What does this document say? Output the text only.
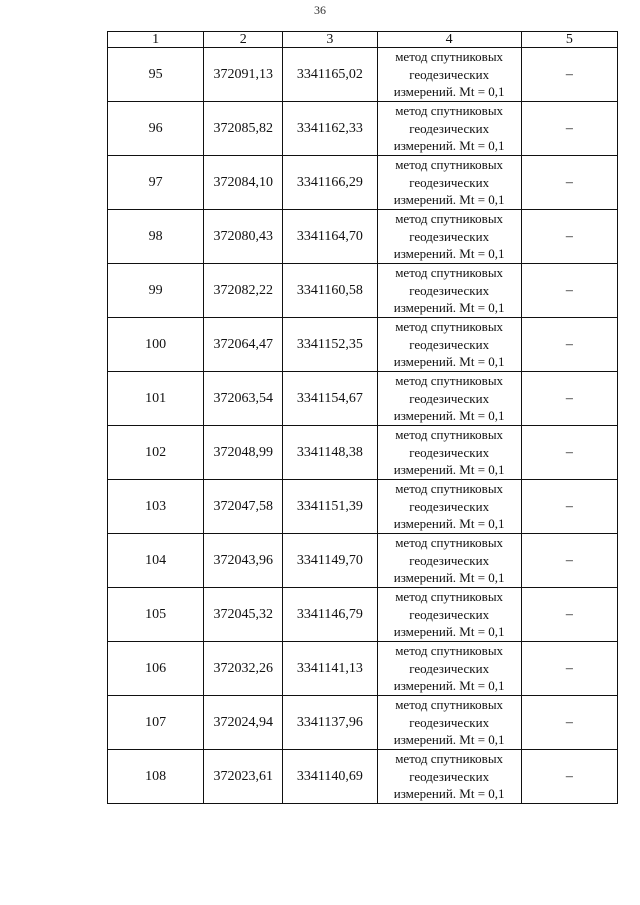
36
1	2	3	4	5
95	372091,13	3341165,02	метод спутниковых
геодезических
измерений. Mt = 0,1	–
96	372085,82	3341162,33	метод спутниковых
геодезических
измерений. Mt = 0,1	–
97	372084,10	3341166,29	метод спутниковых
геодезических
измерений. Mt = 0,1	–
98	372080,43	3341164,70	метод спутниковых
геодезических
измерений. Mt = 0,1	–
99	372082,22	3341160,58	метод спутниковых
геодезических
измерений. Mt = 0,1	–
100	372064,47	3341152,35	метод спутниковых
геодезических
измерений. Mt = 0,1	–
101	372063,54	3341154,67	метод спутниковых
геодезических
измерений. Mt = 0,1	–
102	372048,99	3341148,38	метод спутниковых
геодезических
измерений. Mt = 0,1	–
103	372047,58	3341151,39	метод спутниковых
геодезических
измерений. Mt = 0,1	–
104	372043,96	3341149,70	метод спутниковых
геодезических
измерений. Mt = 0,1	–
105	372045,32	3341146,79	метод спутниковых
геодезических
измерений. Mt = 0,1	–
106	372032,26	3341141,13	метод спутниковых
геодезических
измерений. Mt = 0,1	–
107	372024,94	3341137,96	метод спутниковых
геодезических
измерений. Mt = 0,1	–
108	372023,61	3341140,69	метод спутниковых
геодезических
измерений. Mt = 0,1	–
